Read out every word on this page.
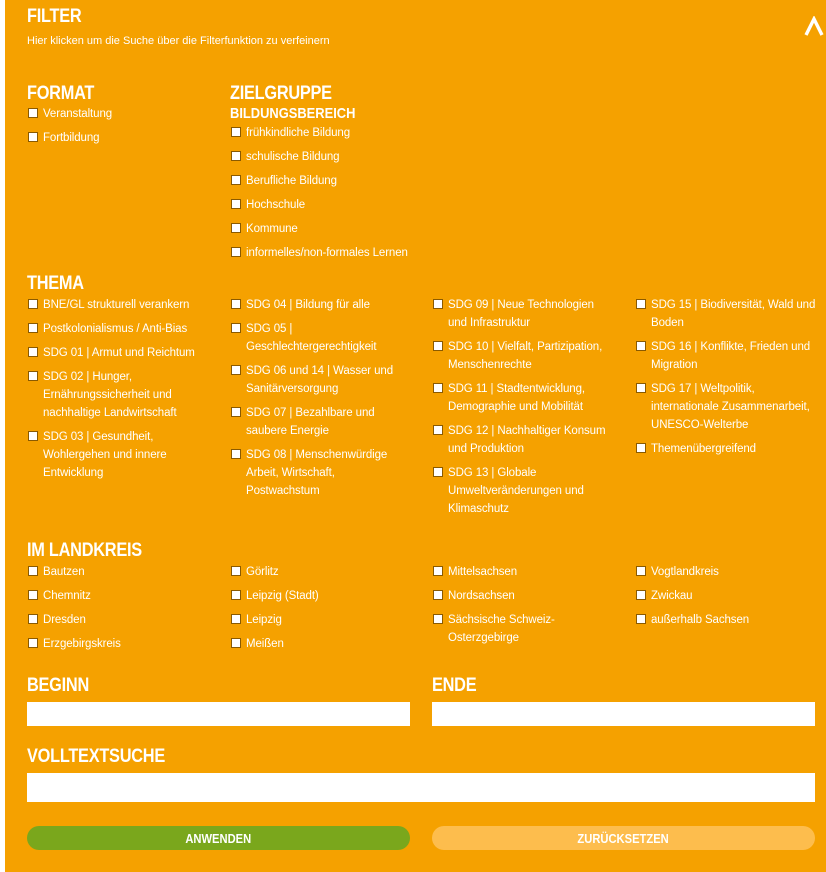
FILTER
Hier klicken um die Suche über die Filterfunktion zu verfeinern
FORMAT
Veranstaltung
Fortbildung
ZIELGRUPPE
BILDUNGSBEREICH
frühkindliche Bildung
schulische Bildung
Berufliche Bildung
Hochschule
Kommune
informelles/non-formales Lernen
THEMA
BNE/GL strukturell verankern
Postkolonialismus / Anti-Bias
SDG 01 | Armut und Reichtum
SDG 02 | Hunger, Ernährungssicherheit und nachhaltige Landwirtschaft
SDG 03 | Gesundheit, Wohlergehen und innere Entwicklung
SDG 04 | Bildung für alle
SDG 05 | Geschlechtergerechtigkeit
SDG 06 und 14 | Wasser und Sanitärversorgung
SDG 07 | Bezahlbare und saubere Energie
SDG 08 | Menschenwürdige Arbeit, Wirtschaft, Postwachstum
SDG 09 | Neue Technologien und Infrastruktur
SDG 10 | Vielfalt, Partizipation, Menschenrechte
SDG 11 | Stadtentwicklung, Demographie und Mobilität
SDG 12 | Nachhaltiger Konsum und Produktion
SDG 13 | Globale Umweltveränderungen und Klimaschutz
SDG 15 | Biodiversität, Wald und Boden
SDG 16 | Konflikte, Frieden und Migration
SDG 17 | Weltpolitik, internationale Zusammenarbeit, UNESCO-Welterbe
Themenübergreifend
IM LANDKREIS
Bautzen
Chemnitz
Dresden
Erzgebirgskreis
Görlitz
Leipzig (Stadt)
Leipzig
Meißen
Mittelsachsen
Nordsachsen
Sächsische Schweiz-Osterzgebirge
Vogtlandkreis
Zwickau
außerhalb Sachsen
BEGINN	ENDE
VOLLTEXTSUCHE
ANWENDEN	ZURÜCKSETZEN
